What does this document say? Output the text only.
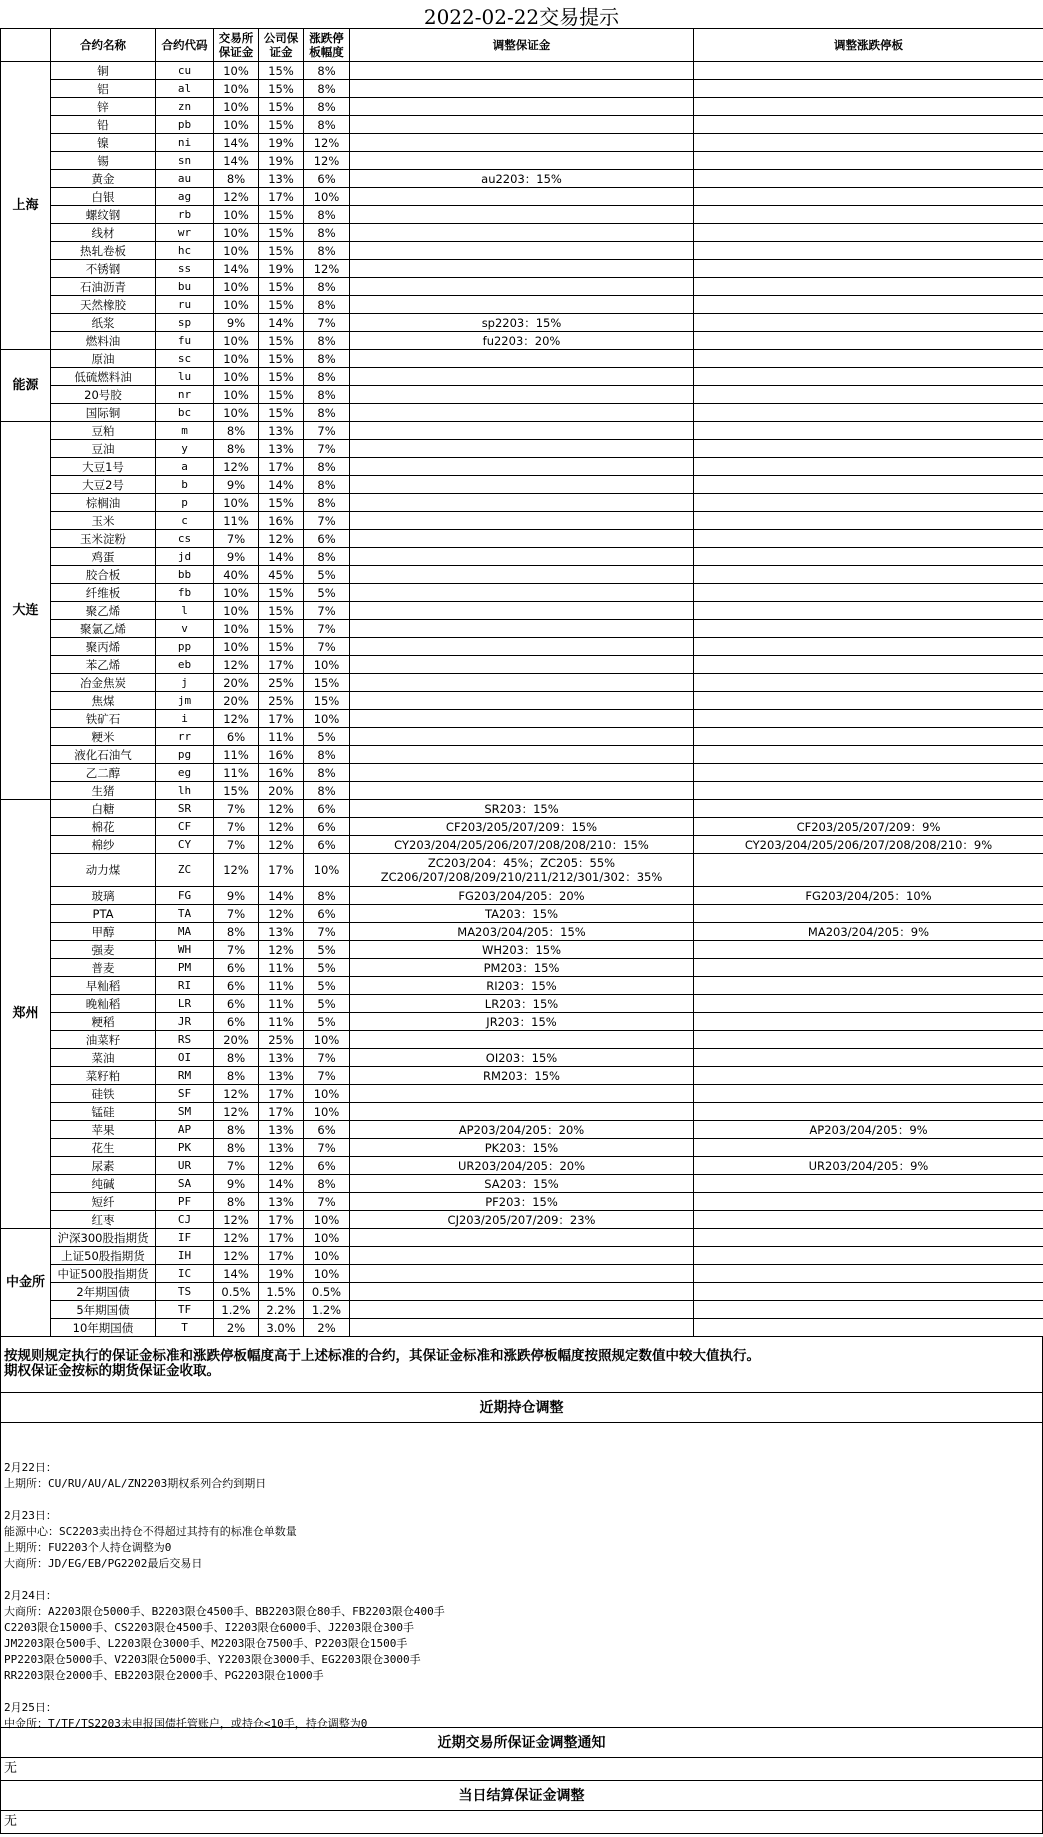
2022-02-22交易提示
	合约名称	合约代码	交易所保证金	公司保证金	涨跌停板幅度	调整保证金	调整涨跌停板
上海	铜	cu	10%	15%	8%		
	铝	al	10%	15%	8%		
	锌	zn	10%	15%	8%		
	铅	pb	10%	15%	8%		
	镍	ni	14%	19%	12%		
	锡	sn	14%	19%	12%		
	黄金	au	8%	13%	6%	au2203：15%	
	白银	ag	12%	17%	10%		
	螺纹钢	rb	10%	15%	8%		
	线材	wr	10%	15%	8%		
	热轧卷板	hc	10%	15%	8%		
	不锈钢	ss	14%	19%	12%		
	石油沥青	bu	10%	15%	8%		
	天然橡胶	ru	10%	15%	8%		
	纸浆	sp	9%	14%	7%	sp2203：15%	
	燃料油	fu	10%	15%	8%	fu2203：20%	
能源	原油	sc	10%	15%	8%		
	低硫燃料油	lu	10%	15%	8%		
	20号胶	nr	10%	15%	8%		
	国际铜	bc	10%	15%	8%		
大连	豆粕	m	8%	13%	7%		
	豆油	y	8%	13%	7%		
	大豆1号	a	12%	17%	8%		
	大豆2号	b	9%	14%	8%		
	棕榈油	p	10%	15%	8%		
	玉米	c	11%	16%	7%		
	玉米淀粉	cs	7%	12%	6%		
	鸡蛋	jd	9%	14%	8%		
	胶合板	bb	40%	45%	5%		
	纤维板	fb	10%	15%	5%		
	聚乙烯	l	10%	15%	7%		
	聚氯乙烯	v	10%	15%	7%		
	聚丙烯	pp	10%	15%	7%		
	苯乙烯	eb	12%	17%	10%		
	冶金焦炭	j	20%	25%	15%		
	焦煤	jm	20%	25%	15%		
	铁矿石	i	12%	17%	10%		
	粳米	rr	6%	11%	5%		
	液化石油气	pg	11%	16%	8%		
	乙二醇	eg	11%	16%	8%		
	生猪	lh	15%	20%	8%		
郑州	白糖	SR	7%	12%	6%	SR203：15%	
	棉花	CF	7%	12%	6%	CF203/205/207/209：15%	CF203/205/207/209：9%
	棉纱	CY	7%	12%	6%	CY203/204/205/206/207/208/208/210：15%	CY203/204/205/206/207/208/208/210：9%
	动力煤	ZC	12%	17%	10%	ZC203/204：45%；ZC205：55%
ZC206/207/208/209/210/211/212/301/302：35%	

	玻璃	FG	9%	14%	8%	FG203/204/205：20%	FG203/204/205：10%
	PTA	TA	7%	12%	6%	TA203：15%	
	甲醇	MA	8%	13%	7%	MA203/204/205：15%	MA203/204/205：9%
	强麦	WH	7%	12%	5%	WH203：15%	
	普麦	PM	6%	11%	5%	PM203：15%	
	早籼稻	RI	6%	11%	5%	RI203：15%	
	晚籼稻	LR	6%	11%	5%	LR203：15%	
	粳稻	JR	6%	11%	5%	JR203：15%	
	油菜籽	RS	20%	25%	10%		
	菜油	OI	8%	13%	7%	OI203：15%	
	菜籽粕	RM	8%	13%	7%	RM203：15%	
	硅铁	SF	12%	17%	10%		
	锰硅	SM	12%	17%	10%		
	苹果	AP	8%	13%	6%	AP203/204/205：20%	AP203/204/205：9%
	花生	PK	8%	13%	7%	PK203：15%	
	尿素	UR	7%	12%	6%	UR203/204/205：20%	UR203/204/205：9%
	纯碱	SA	9%	14%	8%	SA203：15%	
	短纤	PF	8%	13%	7%	PF203：15%	
	红枣	CJ	12%	17%	10%	CJ203/205/207/209：23%	
中金所	沪深300股指期货	IF	12%	17%	10%		
	上证50股指期货	IH	12%	17%	10%		
	中证500股指期货	IC	14%	19%	10%		
	2年期国债	TS	0.5%	1.5%	0.5%		
	5年期国债	TF	1.2%	2.2%	1.2%		
	10年期国债	T	2%	3.0%	2%		
按规则规定执行的保证金标准和涨跌停板幅度高于上述标准的合约，其保证金标准和涨跌停板幅度按照规定数值中较大值执行。
期权保证金按标的期货保证金收取。
近期持仓调整
2月22日：
上期所：CU/RU/AU/AL/ZN2203期权系列合约到期日
2月23日：
能源中心：SC2203卖出持仓不得超过其持有的标准仓单数量
上期所：FU2203个人持仓调整为0
大商所：JD/EG/EB/PG2202最后交易日
2月24日：
大商所：A2203限仓5000手、B2203限仓4500手、BB2203限仓80手、FB2203限仓400手
C2203限仓15000手、CS2203限仓4500手、I2203限仓6000手、J2203限仓300手
JM2203限仓500手、L2203限仓3000手、M2203限仓7500手、P2203限仓1500手
PP2203限仓5000手、V2203限仓5000手、Y2203限仓3000手、EG2203限仓3000手
RR2203限仓2000手、EB2203限仓2000手、PG2203限仓1000手
2月25日：
中金所：T/TF/TS2203未申报国债托管账户，或持仓<10手，持仓调整为0
近期交易所保证金调整通知
无
当日结算保证金调整
无
